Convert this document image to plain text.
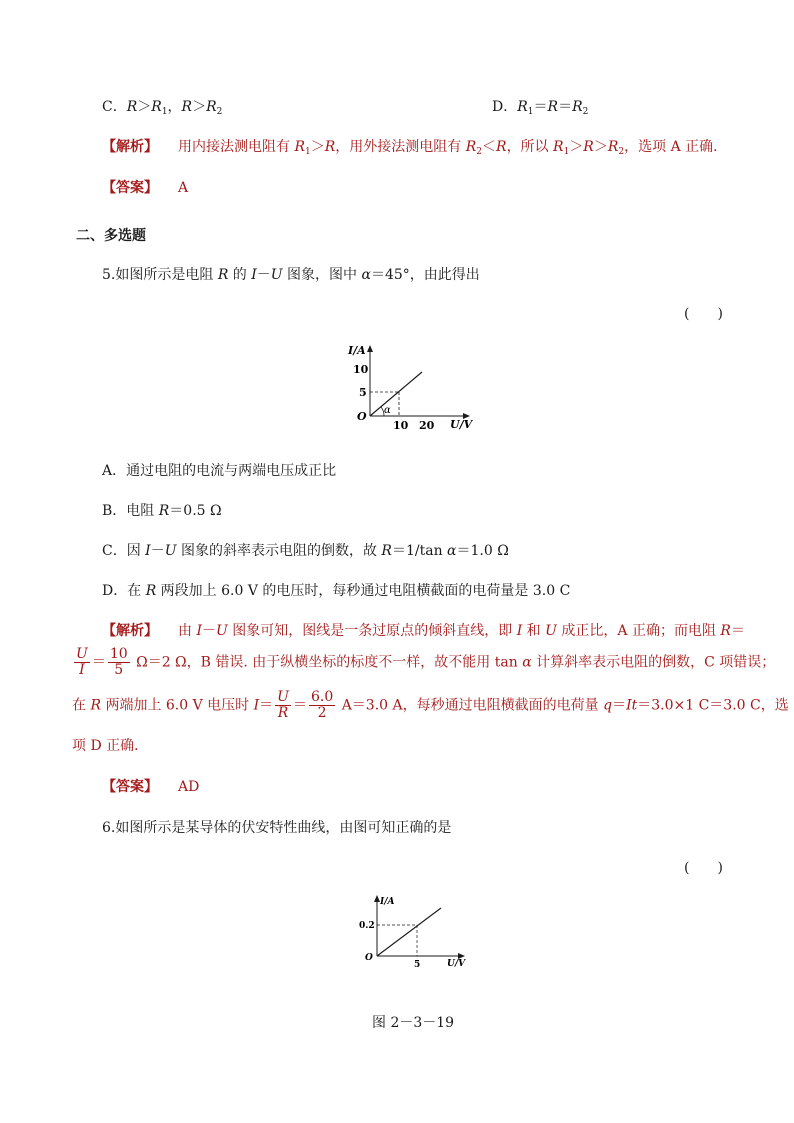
C．$R>R_1$，$R>R_2$	D．$R_1=R=R_2$
【解析】 用内接法测电阻有 $R_1>R$，用外接法测电阻有 $R_2<R$，所以 $R_1>R>R_2$，选项 A 正确．
【答案】 A
二、多选题
5.如图所示是电阻 R 的 I－U 图象，图中 α＝45°，由此得出
(　　)
I/A
U/V
O α
10
5
10 20
A．通过电阻的电流与两端电压成正比
B．电阻 R＝0.5 Ω
C．因 I－U 图象的斜率表示电阻的倒数，故 R＝1/tan α＝1.0 Ω
D．在 R 两段加上 6.0 V 的电压时，每秒通过电阻横截面的电荷量是 3.0 C
【解析】 由 I－U 图象可知，图线是一条过原点的倾斜直线，即 I 和 U 成正比，A 正确；而电阻 R＝
$\frac{U}{I} = \frac{10}{5} \Omega=2$ Ω，B 错误. 由于纵横坐标的标度不一样，故不能用 tan α 计算斜率表示电阻的倒数，C 项错误；
在 R 两端加上 6.0 V 电压时 $I= \frac{U}{R} = \frac{6.0}{2} A=3.0$ A，每秒通过电阻横截面的电荷量 q＝It＝3.0×1 C＝3.0 C，选
项 D 正确．
【答案】 AD
6.如图所示是某导体的伏安特性曲线，由图可知正确的是
(　　)
I/A
U/V
O
0.2
5
图 2－3－19
